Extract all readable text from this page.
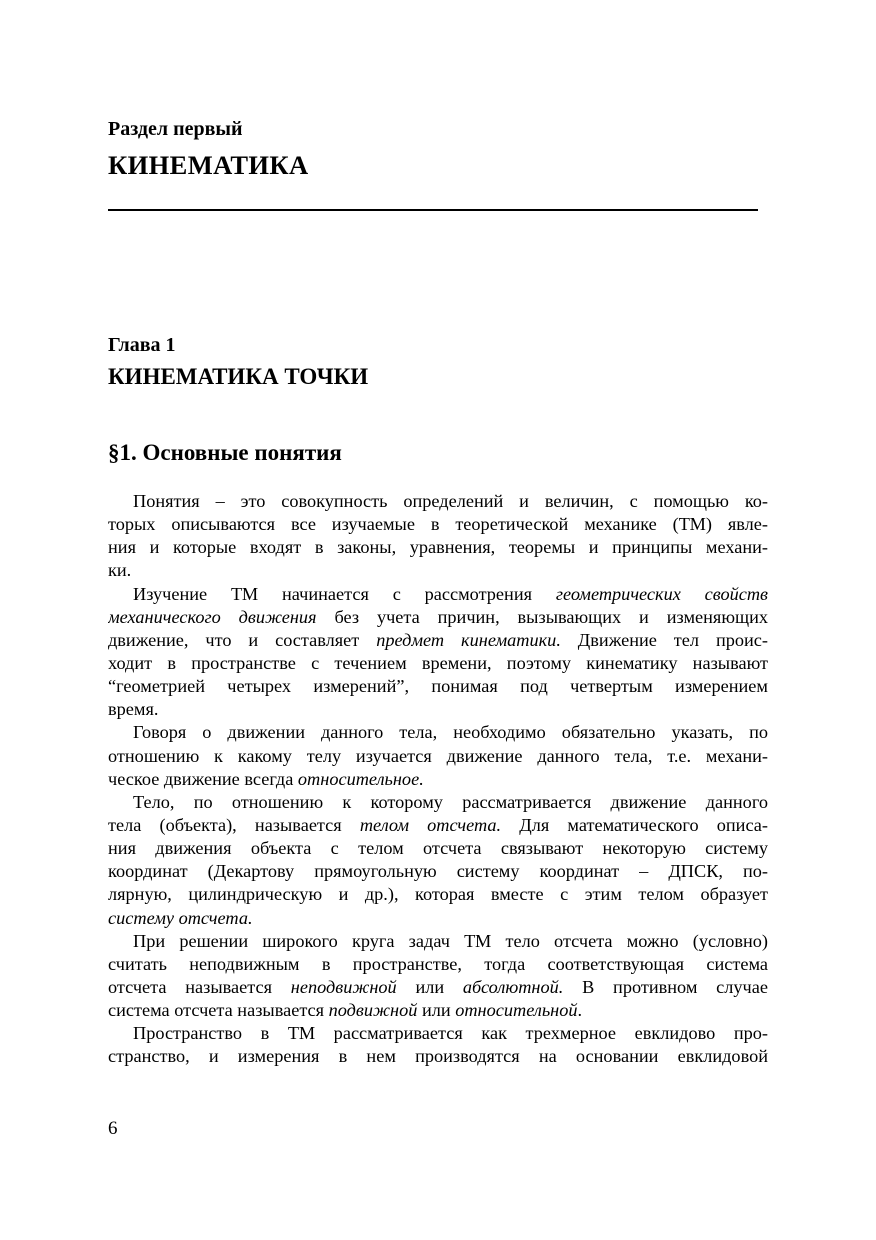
Раздел первый
КИНЕМАТИКА
Глава 1
КИНЕМАТИКА ТОЧКИ
§1. Основные понятия
Понятия – это совокупность определений и величин, с помощью ко-
торых описываются все изучаемые в теоретической механике (ТМ) явле-
ния и которые входят в законы, уравнения, теоремы и принципы механи-
ки.
Изучение ТМ начинается с рассмотрения геометрических свойств
механического движения без учета причин, вызывающих и изменяющих
движение, что и составляет предмет кинематики. Движение тел проис-
ходит в пространстве с течением времени, поэтому кинематику называют
“геометрией четырех измерений”, понимая под четвертым измерением
время.
Говоря о движении данного тела, необходимо обязательно указать, по
отношению к какому телу изучается движение данного тела, т.е. механи-
ческое движение всегда относительное.
Тело, по отношению к которому рассматривается движение данного
тела (объекта), называется телом отсчета. Для математического описа-
ния движения объекта с телом отсчета связывают некоторую систему
координат (Декартову прямоугольную систему координат – ДПСК, по-
лярную, цилиндрическую и др.), которая вместе с этим телом образует
систему отсчета.
При решении широкого круга задач ТМ тело отсчета можно (условно)
считать неподвижным в пространстве, тогда соответствующая система
отсчета называется неподвижной или абсолютной. В противном случае
система отсчета называется подвижной или относительной.
Пространство в ТМ рассматривается как трехмерное евклидово про-
странство, и измерения в нем производятся на основании евклидовой
6
